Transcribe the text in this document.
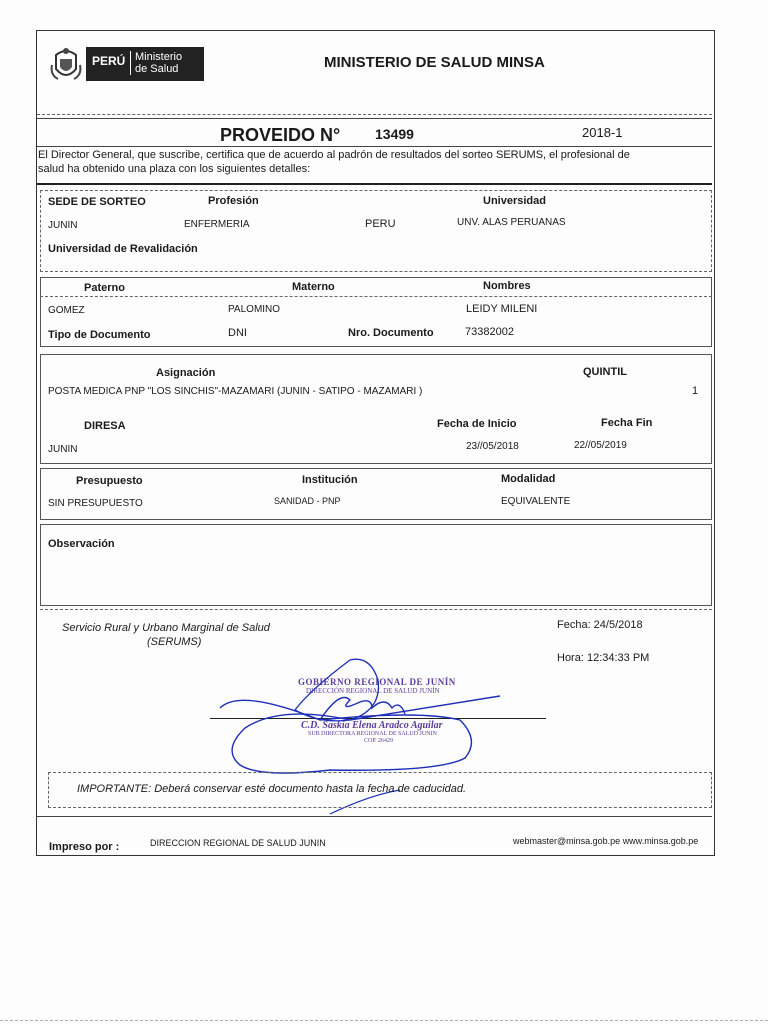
PERÚ Ministerio
de Salud	MINISTERIO DE SALUD MINSA
PROVEIDO N° 13499	2018-1
El Director General, que suscribe, certifica que de acuerdo al padrón de resultados del sorteo SERUMS, el profesional de
salud ha obtenido una plaza con los siguientes detalles:
SEDE DE SORTEO	Profesión	Universidad
JUNIN	ENFERMERIA	PERU	UNV. ALAS PERUANAS
Universidad de Revalidación
Paterno	Materno	Nombres
GOMEZ	PALOMINO	LEIDY MILENI
Tipo de Documento	DNI	Nro. Documento	73382002
Asignación	QUINTIL
POSTA MEDICA PNP "LOS SINCHIS"-MAZAMARI (JUNIN - SATIPO - MAZAMARI )	1
DIRESA	Fecha de Inicio	Fecha Fin
JUNIN	23//05/2018	22//05/2019
Presupuesto	Institución	Modalidad
SIN PRESUPUESTO	SANIDAD - PNP	EQUIVALENTE
Observación
Servicio Rural y Urbano Marginal de Salud
(SERUMS)
Fecha: 24/5/2018
Hora: 12:34:33 PM
GOBIERNO REGIONAL DE JUNÍN
DIRECCIÓN REGIONAL DE SALUD JUNÍN
C.D. Saskia Elena Aradco Aguilar
SUB DIRECTORA REGIONAL DE SALUD JUNIN
COP. 26429
IMPORTANTE: Deberá conservar esté documento hasta la fecha de caducidad.
Impreso por :	DIRECCION REGIONAL DE SALUD JUNIN	webmaster@minsa.gob.pe www.minsa.gob.pe
